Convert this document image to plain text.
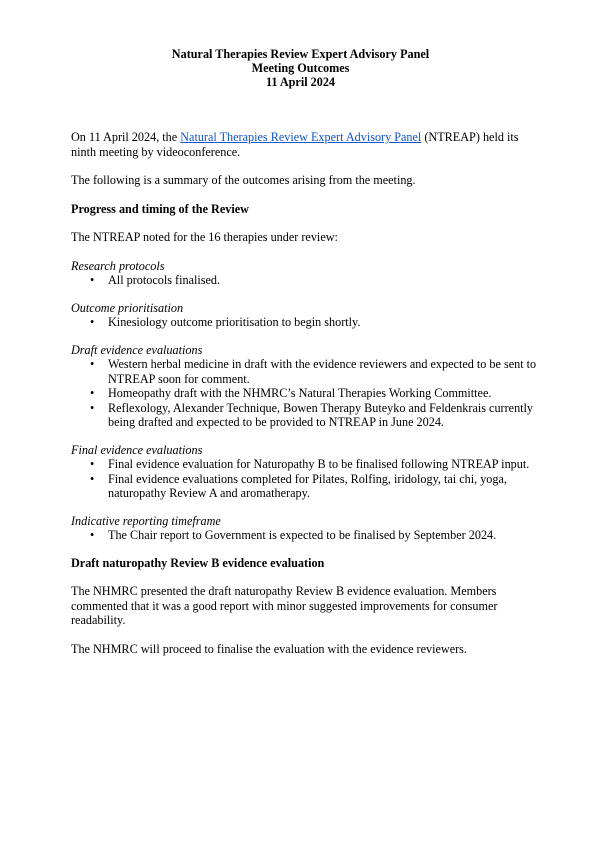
Natural Therapies Review Expert Advisory Panel
Meeting Outcomes
11 April 2024

On 11 April 2024, the Natural Therapies Review Expert Advisory Panel (NTREAP) held its ninth meeting by videoconference.

The following is a summary of the outcomes arising from the meeting.

Progress and timing of the Review

The NTREAP noted for the 16 therapies under review:

Research protocols

• All protocols finalised.

Outcome prioritisation

• Kinesiology outcome prioritisation to begin shortly.

Draft evidence evaluations

• Western herbal medicine in draft with the evidence reviewers and expected to be sent to NTREAP soon for comment.
• Homeopathy draft with the NHMRC’s Natural Therapies Working Committee.
• Reflexology, Alexander Technique, Bowen Therapy Buteyko and Feldenkrais currently being drafted and expected to be provided to NTREAP in June 2024.

Final evidence evaluations

• Final evidence evaluation for Naturopathy B to be finalised following NTREAP input.
• Final evidence evaluations completed for Pilates, Rolfing, iridology, tai chi, yoga, naturopathy Review A and aromatherapy.

Indicative reporting timeframe

• The Chair report to Government is expected to be finalised by September 2024.

Draft naturopathy Review B evidence evaluation

The NHMRC presented the draft naturopathy Review B evidence evaluation. Members commented that it was a good report with minor suggested improvements for consumer readability.

The NHMRC will proceed to finalise the evaluation with the evidence reviewers.
